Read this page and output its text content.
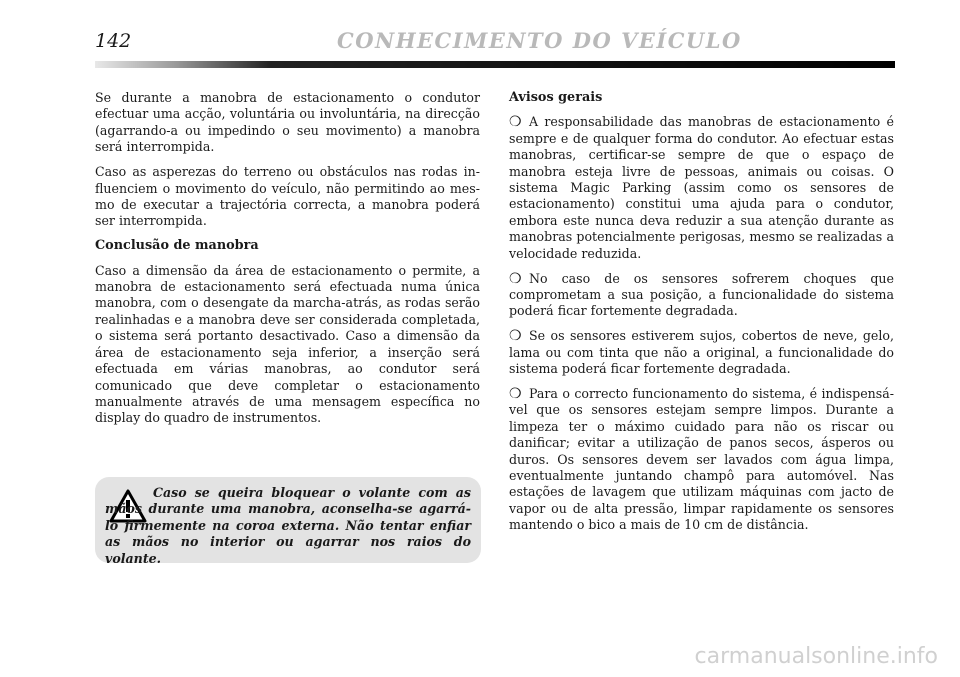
142	CONHECIMENTO DO VEÍCULO

Se durante a manobra de estacionamento o condutor efectuar uma acção, voluntária ou involuntária, na direcção (agarrando-a ou impedindo o seu movimento) a manobra será interrompida.

Caso as asperezas do terreno ou obstáculos nas rodas influenciem o movimento do veículo, não permitindo ao mesmo de executar a trajectória correcta, a manobra poderá ser interrompida.

Conclusão de manobra

Caso a dimensão da área de estacionamento o permite, a manobra de estacionamento será efectuada numa única manobra, com o desengate da marcha-atrás, as rodas serão realinhadas e a manobra deve ser considerada completada, o sistema será portanto desactivado. Caso a dimensão da área de estacionamento seja inferior, a inserção será efectuada em várias manobras, ao condutor será comunicado que deve completar o estacionamento manualmente através de uma mensagem específica no display do quadro de instrumentos.

Caso se queira bloquear o volante com as mãos durante uma manobra, aconselha-se agarrá-lo firmemente na coroa externa. Não tentar enfiar as mãos no interior ou agarrar nos raios do volante.
Avisos gerais

❍ A responsabilidade das manobras de estacionamento é sempre e de qualquer forma do condutor. Ao efectuar estas manobras, certificar-se sempre de que o espaço de manobra esteja livre de pessoas, animais ou coisas. O sistema Magic Parking (assim como os sensores de estacionamento) constitui uma ajuda para o condutor, embora este nunca deva reduzir a sua atenção durante as manobras potencialmente perigosas, mesmo se realizadas a velocidade reduzida.

❍ No caso de os sensores sofrerem choques que comprometam a sua posição, a funcionalidade do sistema poderá ficar fortemente degradada.

❍ Se os sensores estiverem sujos, cobertos de neve, gelo, lama ou com tinta que não a original, a funcionalidade do sistema poderá ficar fortemente degradada.

❍ Para o correcto funcionamento do sistema, é indispensável que os sensores estejam sempre limpos. Durante a limpeza ter o máximo cuidado para não os riscar ou danificar; evitar a utilização de panos secos, ásperos ou duros. Os sensores devem ser lavados com água limpa, eventualmente juntando champô para automóvel. Nas estações de lavagem que utilizam máquinas com jacto de vapor ou de alta pressão, limpar rapidamente os sensores mantendo o bico a mais de 10 cm de distância.

carmanualsonline.info
